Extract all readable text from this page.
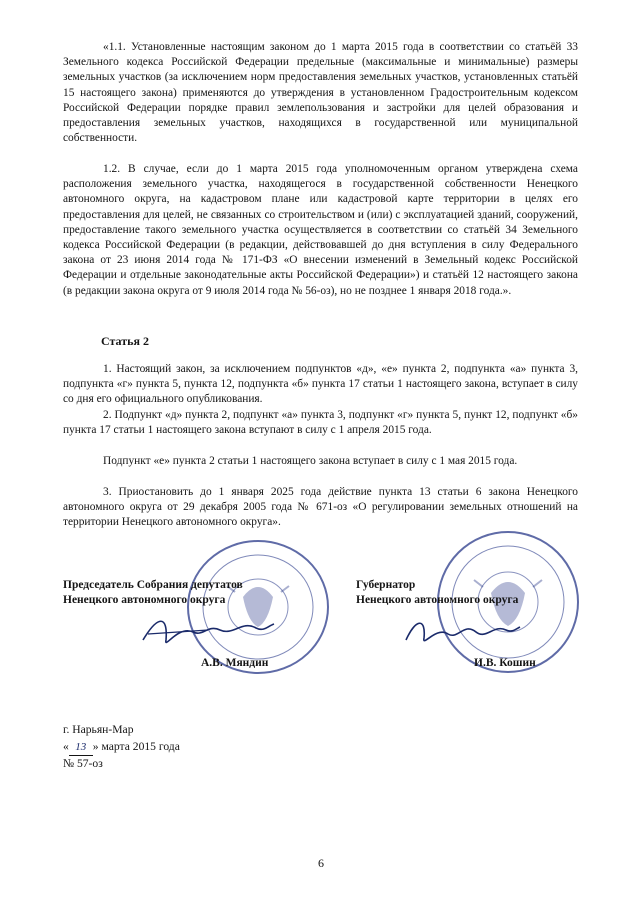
«1.1. Установленные настоящим законом до 1 марта 2015 года в соответствии со статьёй 33 Земельного кодекса Российской Федерации предельные (максимальные и минимальные) размеры земельных участков (за исключением норм предоставления земельных участков, установленных статьёй 15 настоящего закона) применяются до утверждения в установленном Градостроительным кодексом Российской Федерации порядке правил землепользования и застройки для целей образования и предоставления земельных участков, находящихся в государственной или муниципальной собственности.

1.2. В случае, если до 1 марта 2015 года уполномоченным органом утверждена схема расположения земельного участка, находящегося в государственной собственности Ненецкого автономного округа, на кадастровом плане или кадастровой карте территории в целях его предоставления для целей, не связанных со строительством и (или) с эксплуатацией зданий, сооружений, предоставление такого земельного участка осуществляется в соответствии со статьёй 34 Земельного кодекса Российской Федерации (в редакции, действовавшей до дня вступления в силу Федерального закона от 23 июня 2014 года № 171-ФЗ «О внесении изменений в Земельный кодекс Российской Федерации и отдельные законодательные акты Российской Федерации») и статьёй 12 настоящего закона (в редакции закона округа от 9 июля 2014 года № 56-оз), но не позднее 1 января 2018 года.».

Статья 2

1. Настоящий закон, за исключением подпунктов «д», «е» пункта 2, подпункта «а» пункта 3, подпункта «г» пункта 5, пункта 12, подпункта «б» пункта 17 статьи 1 настоящего закона, вступает в силу со дня его официального опубликования.

2. Подпункт «д» пункта 2, подпункт «а» пункта 3, подпункт «г» пункта 5, пункт 12, подпункт «б» пункта 17 статьи 1 настоящего закона вступают в силу с 1 апреля 2015 года.

Подпункт «е» пункта 2 статьи 1 настоящего закона вступает в силу с 1 мая 2015 года.

3. Приостановить до 1 января 2025 года действие пункта 13 статьи 6 закона Ненецкого автономного округа от 29 декабря 2005 года № 671-оз «О регулировании земельных отношений на территории Ненецкого автономного округа».

Председатель Собрания депутатов

Ненецкого автономного округа

А.В. Мяндин

Губернатор

Ненецкого автономного округа

И.В. Кошин

г. Нарьян-Мар
« 13 » марта 2015 года
№ 57-оз
6
